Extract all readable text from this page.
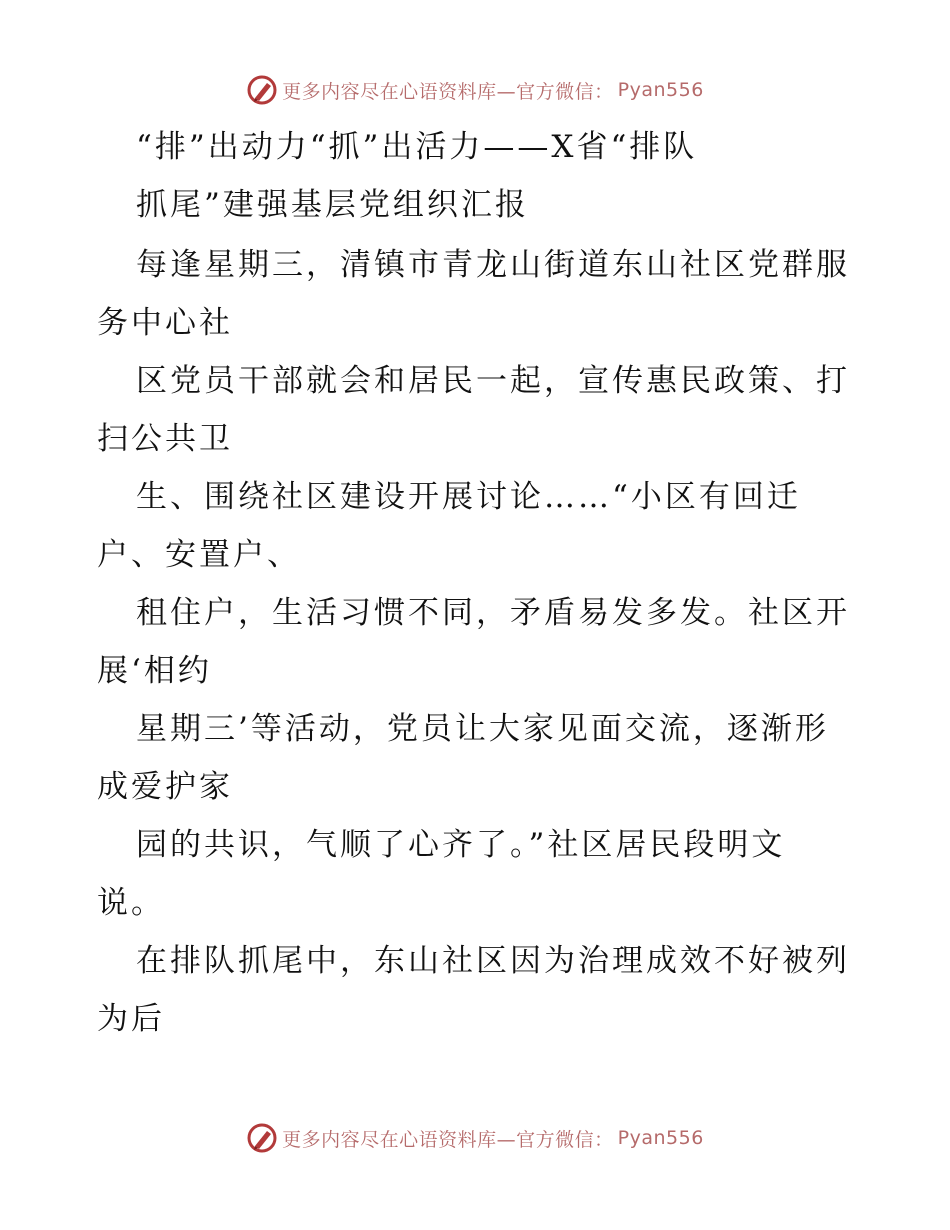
更多内容尽在心语资料库—官方微信： Pyan556
“排”出动力“抓”出活力——X省“排队
抓尾”建强基层党组织汇报
每逢星期三，清镇市青龙山街道东山社区党群服
务中心社
区党员干部就会和居民一起，宣传惠民政策、打
扫公共卫
生、围绕社区建设开展讨论……“小区有回迁
户、安置户、
租住户，生活习惯不同，矛盾易发多发。社区开
展‘相约
星期三’等活动，党员让大家见面交流，逐渐形
成爱护家
园的共识，气顺了心齐了。”社区居民段明文
说。
在排队抓尾中，东山社区因为治理成效不好被列
为后
更多内容尽在心语资料库—官方微信： Pyan556
